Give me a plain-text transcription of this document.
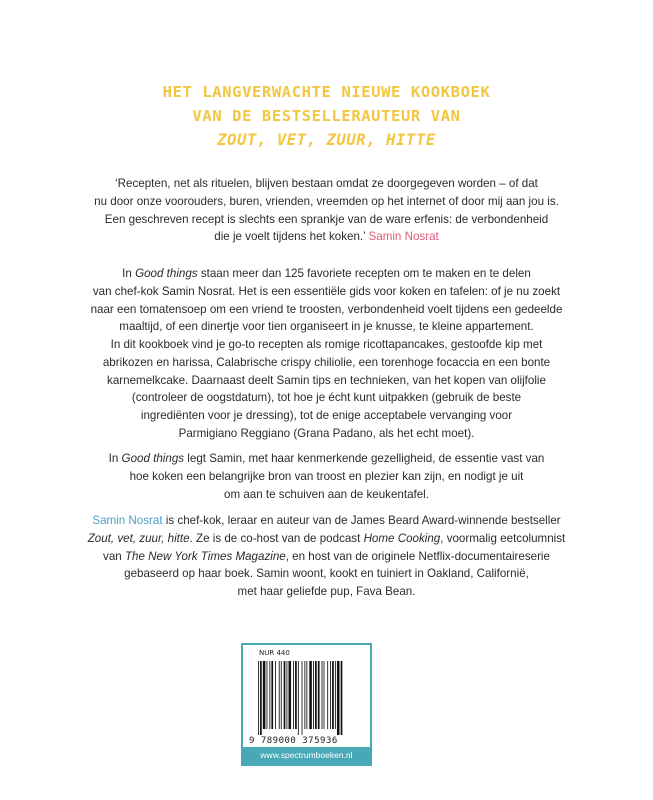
HET LANGVERWACHTE NIEUWE KOOKBOEK
VAN DE BESTSELLERAUTEUR VAN
ZOUT, VET, ZUUR, HITTE
‘Recepten, net als rituelen, blijven bestaan omdat ze doorgegeven worden – of dat
nu door onze voorouders, buren, vrienden, vreemden op het internet of door mij aan jou is.
Een geschreven recept is slechts een sprankje van de ware erfenis: de verbondenheid
die je voelt tijdens het koken.’ Samin Nosrat
In Good things staan meer dan 125 favoriete recepten om te maken en te delen
van chef-kok Samin Nosrat. Het is een essentiële gids voor koken en tafelen: of je nu zoekt
naar een tomatensoep om een vriend te troosten, verbondenheid voelt tijdens een gedeelde
maaltijd, of een dinertje voor tien organiseert in je knusse, te kleine appartement.
In dit kookboek vind je go-to recepten als romige ricottapancakes, gestoofde kip met
abrikozen en harissa, Calabrische crispy chiliolie, een torenhoge focaccia en een bonte
karnemelkcake. Daarnaast deelt Samin tips en technieken, van het kopen van olijfolie
(controleer de oogstdatum), tot hoe je écht kunt uitpakken (gebruik de beste
ingrediënten voor je dressing), tot de enige acceptabele vervanging voor
Parmigiano Reggiano (Grana Padano, als het echt moet).
In Good things legt Samin, met haar kenmerkende gezelligheid, de essentie vast van
hoe koken een belangrijke bron van troost en plezier kan zijn, en nodigt je uit
om aan te schuiven aan de keukentafel.
Samin Nosrat is chef-kok, leraar en auteur van de James Beard Award-winnende bestseller
Zout, vet, zuur, hitte. Ze is de co-host van de podcast Home Cooking, voormalig eetcolumnist
van The New York Times Magazine, en host van de originele Netflix-documentaireserie
gebaseerd op haar boek. Samin woont, kookt en tuiniert in Oakland, Californië,
met haar geliefde pup, Fava Bean.
NUR 440
9 789000 375936
www.spectrumboeken.nl
